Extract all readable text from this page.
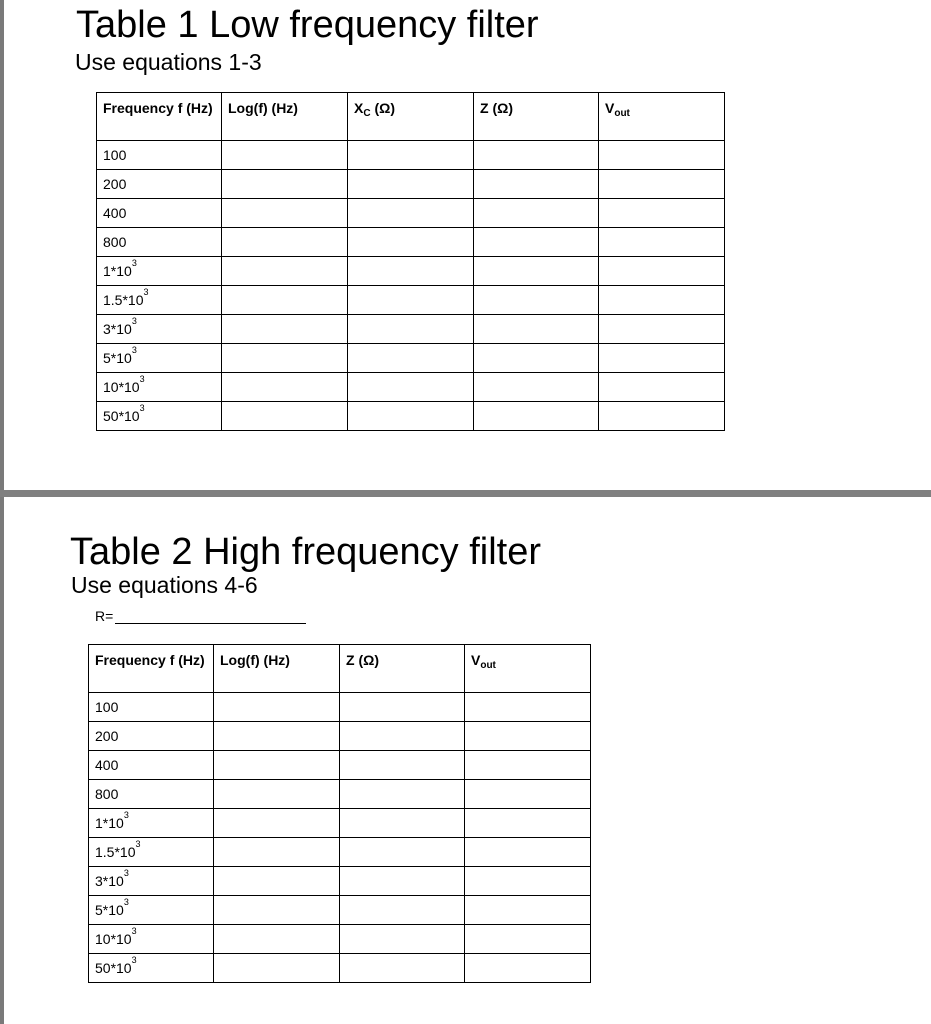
Table 1 Low frequency filter
Use equations 1-3
Frequency f (Hz)	Log(f) (Hz)	$X_C$ (Ω)	Z (Ω)	$V_{out}$
100				
200				
400				
800				
$1*10^3$				
$1.5*10^3$				
$3*10^3$				
$5*10^3$				
$10*10^3$				
$50*10^3$				
Table 2 High frequency filter
Use equations 4-6
R=
Frequency f (Hz)	Log(f) (Hz)	Z (Ω)	$V_{out}$
100			
200			
400			
800			
$1*10^3$			
$1.5*10^3$			
$3*10^3$			
$5*10^3$			
$10*10^3$			
$50*10^3$			
